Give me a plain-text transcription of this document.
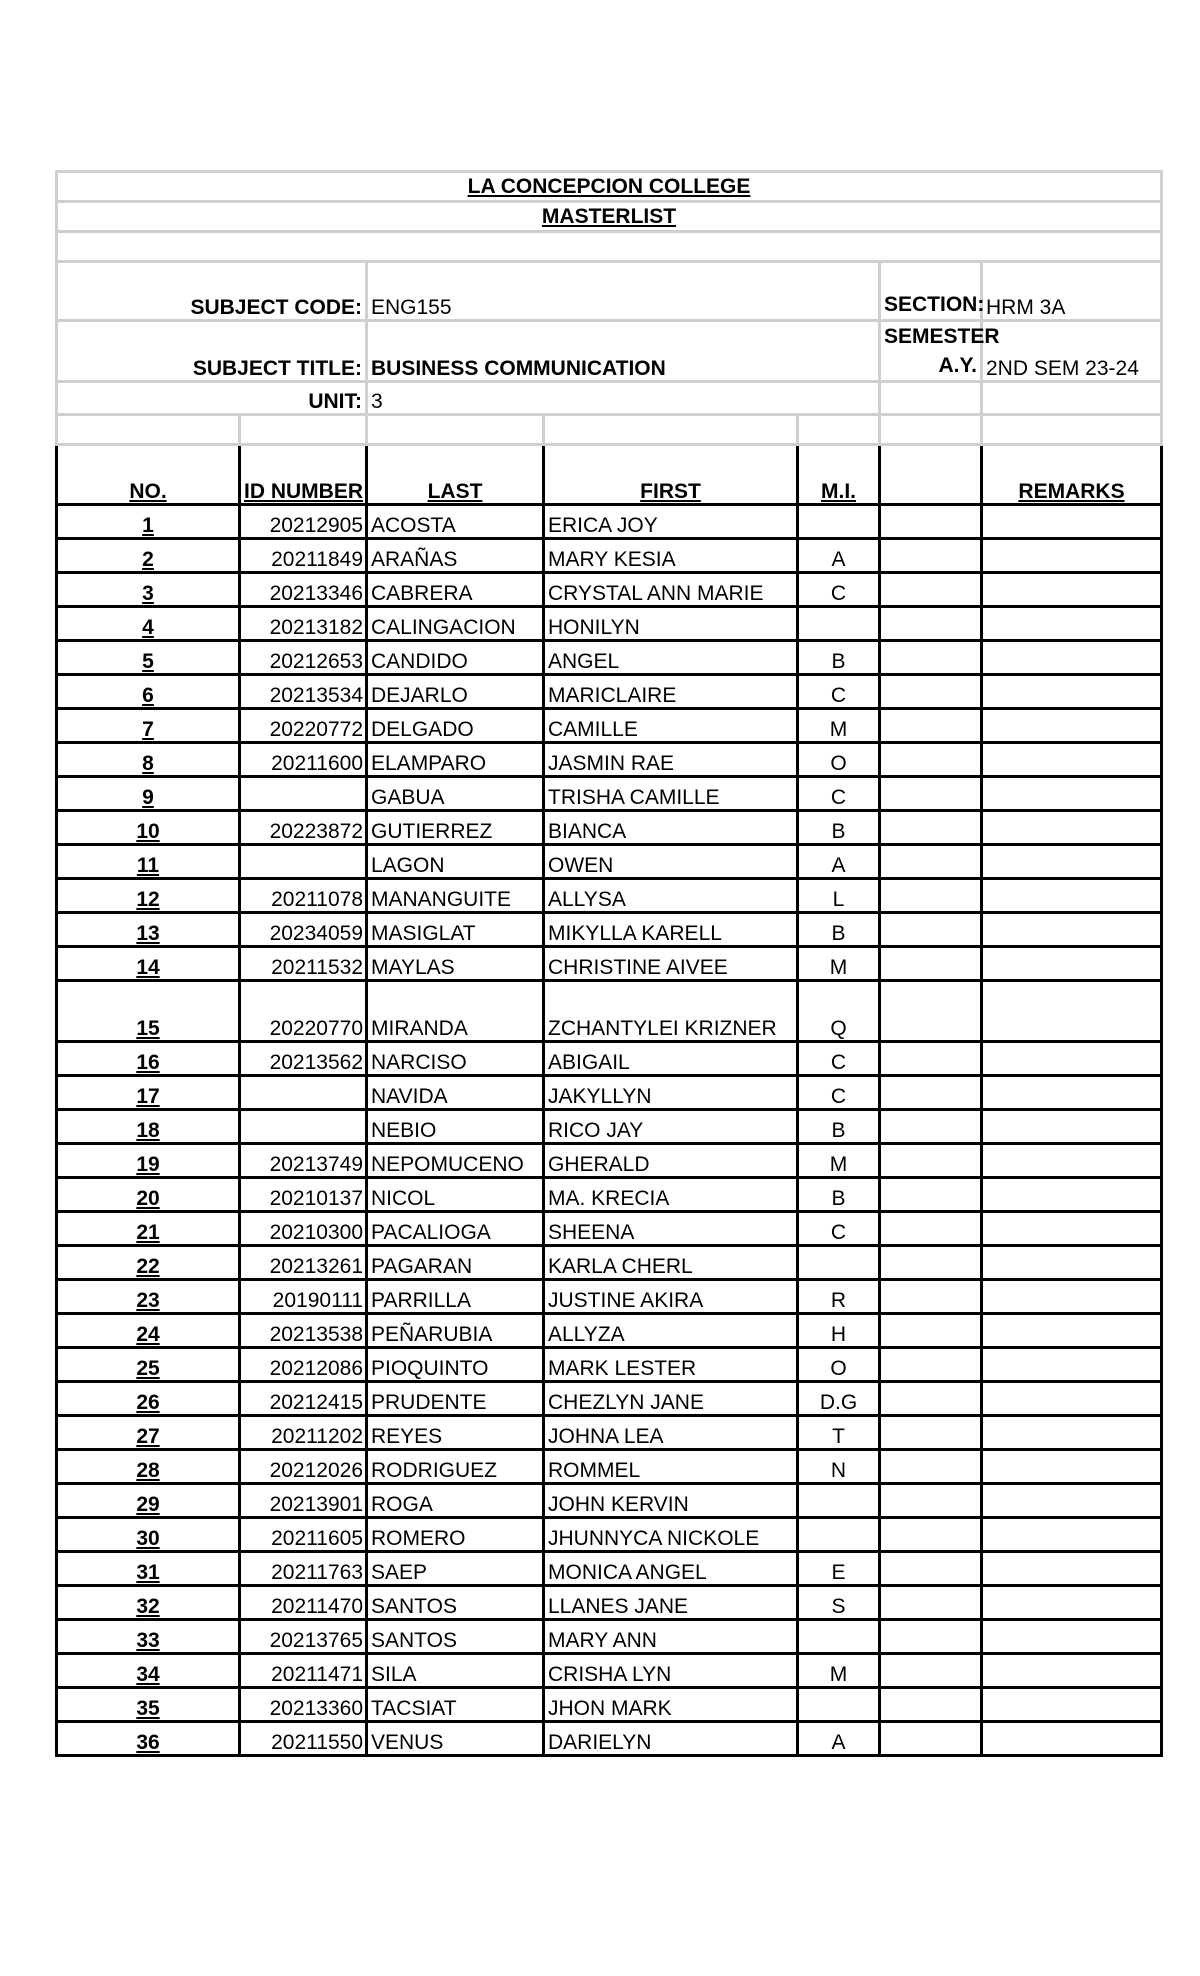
LA CONCEPCION COLLEGE						
MASTERLIST						

SUBJECT CODE:		ENG155			SECTION:	HRM 3A
SUBJECT TITLE:		BUSINESS COMMUNICATION			SEMESTER A.Y.	2ND SEM 23-24
UNIT:		3				

NO.	ID NUMBER	LAST	FIRST	M.I.		REMARKS
1	20212905	ACOSTA	ERICA JOY			
2	20211849	ARAÑAS	MARY KESIA	A		
3	20213346	CABRERA	CRYSTAL ANN MARIE	C		
4	20213182	CALINGACION	HONILYN			
5	20212653	CANDIDO	ANGEL	B		
6	20213534	DEJARLO	MARICLAIRE	C		
7	20220772	DELGADO	CAMILLE	M		
8	20211600	ELAMPARO	JASMIN RAE	O		
9		GABUA	TRISHA CAMILLE	C		
10	20223872	GUTIERREZ	BIANCA	B		
11		LAGON	OWEN	A		
12	20211078	MANANGUITE	ALLYSA	L		
13	20234059	MASIGLAT	MIKYLLA KARELL	B		
14	20211532	MAYLAS	CHRISTINE AIVEE	M		
15	20220770	MIRANDA	ZCHANTYLEI KRIZNER	Q		
16	20213562	NARCISO	ABIGAIL	C		
17		NAVIDA	JAKYLLYN	C		
18		NEBIO	RICO JAY	B		
19	20213749	NEPOMUCENO	GHERALD	M		
20	20210137	NICOL	MA. KRECIA	B		
21	20210300	PACALIOGA	SHEENA	C		
22	20213261	PAGARAN	KARLA CHERL			
23	20190111	PARRILLA	JUSTINE AKIRA	R		
24	20213538	PEÑARUBIA	ALLYZA	H		
25	20212086	PIOQUINTO	MARK LESTER	O		
26	20212415	PRUDENTE	CHEZLYN JANE	D.G		
27	20211202	REYES	JOHNA LEA	T		
28	20212026	RODRIGUEZ	ROMMEL	N		
29	20213901	ROGA	JOHN KERVIN			
30	20211605	ROMERO	JHUNNYCA NICKOLE			
31	20211763	SAEP	MONICA ANGEL	E		
32	20211470	SANTOS	LLANES JANE	S		
33	20213765	SANTOS	MARY ANN			
34	20211471	SILA	CRISHA LYN	M		
35	20213360	TACSIAT	JHON MARK			
36	20211550	VENUS	DARIELYN	A		
